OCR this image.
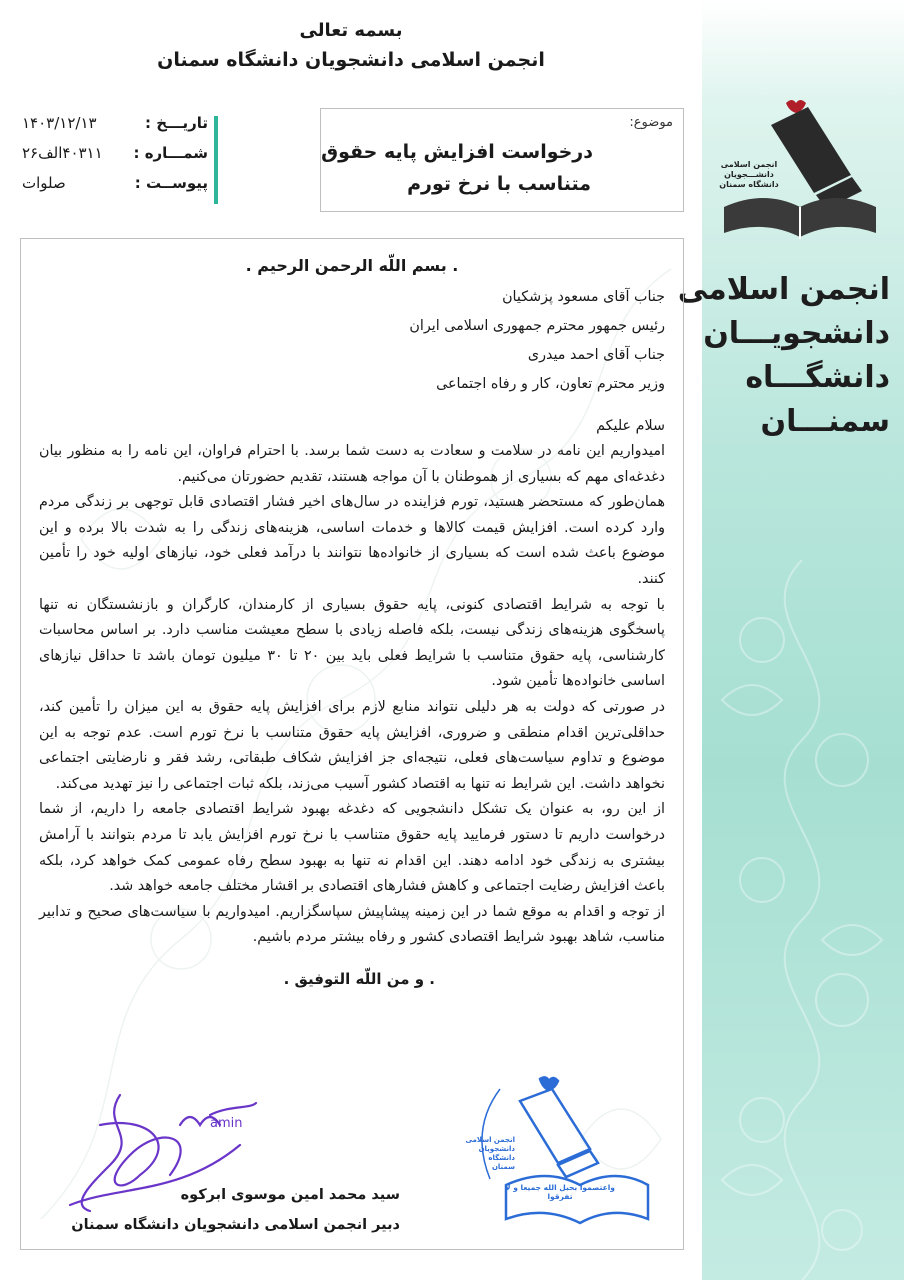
انجمن اسلامی
دانشـــجویان
دانشگاه سمنان
انجمن اسلامی
دانشجویـــان
دانشگـــاه
سمنـــان
بسمه تعالی
انجمن اسلامی دانشجویان دانشگاه سمنان
موضوع:
درخواست افزایش پایه حقوق
متناسب با نرخ تورم
تاریـــخ :
۱۴۰۳/۱۲/۱۳
شمـــاره :
۴۰۳۱۱الف۲۶
پیوســت :
صلوات
. بسم اللّه الرحمن الرحیم .

جناب آقای مسعود پزشکیان

رئیس جمهور محترم جمهوری اسلامی ایران

جناب آقای احمد میدری

وزیر محترم تعاون، کار و رفاه اجتماعی

سلام علیکم

امیدواریم این نامه در سلامت و سعادت به دست شما برسد. با احترام فراوان، این نامه را به منظور بیان دغدغه‌ای مهم که بسیاری از هموطنان با آن مواجه هستند، تقدیم حضورتان می‌کنیم.

همان‌طور که مستحضر هستید، تورم فزاینده در سال‌های اخیر فشار اقتصادی قابل توجهی بر زندگی مردم وارد کرده است. افزایش قیمت کالاها و خدمات اساسی، هزینه‌های زندگی را به شدت بالا برده و این موضوع باعث شده است که بسیاری از خانواده‌ها نتوانند با درآمد فعلی خود، نیازهای اولیه خود را تأمین کنند.

با توجه به شرایط اقتصادی کنونی، پایه حقوق بسیاری از کارمندان، کارگران و بازنشستگان نه تنها پاسخگوی هزینه‌های زندگی نیست، بلکه فاصله زیادی با سطح معیشت مناسب دارد. بر اساس محاسبات کارشناسی، پایه حقوق متناسب با شرایط فعلی باید بین ۲۰ تا ۳۰ میلیون تومان باشد تا حداقل نیازهای اساسی خانواده‌ها تأمین شود.

در صورتی که دولت به هر دلیلی نتواند منابع لازم برای افزایش پایه حقوق به این میزان را تأمین کند، حداقلی‌ترین اقدام منطقی و ضروری، افزایش پایه حقوق متناسب با نرخ تورم است. عدم توجه به این موضوع و تداوم سیاست‌های فعلی، نتیجه‌ای جز افزایش شکاف طبقاتی، رشد فقر و نارضایتی اجتماعی نخواهد داشت. این شرایط نه تنها به اقتصاد کشور آسیب می‌زند، بلکه ثبات اجتماعی را نیز تهدید می‌کند.

از این رو، به عنوان یک تشکل دانشجویی که دغدغه بهبود شرایط اقتصادی جامعه را داریم، از شما درخواست داریم تا دستور فرمایید پایه حقوق متناسب با نرخ تورم افزایش یابد تا مردم بتوانند با آرامش بیشتری به زندگی خود ادامه دهند. این اقدام نه تنها به بهبود سطح رفاه عمومی کمک خواهد کرد، بلکه باعث افزایش رضایت اجتماعی و کاهش فشارهای اقتصادی بر اقشار مختلف جامعه خواهد شد.

از توجه و اقدام به موقع شما در این زمینه پیشاپیش سپاسگزاریم. امیدواریم با سیاست‌های صحیح و تدابیر مناسب، شاهد بهبود شرایط اقتصادی کشور و رفاه بیشتر مردم باشیم.

. و من اللّه التوفیق .
انجمن اسلامی
دانشجویان
دانشگاه
سمنان
واعتصموا بحبل الله جمیعا و لا تفرقوا
amin
سید محمد امین موسوی ابرکوه
دبیر انجمن اسلامی دانشجویان دانشگاه سمنان
